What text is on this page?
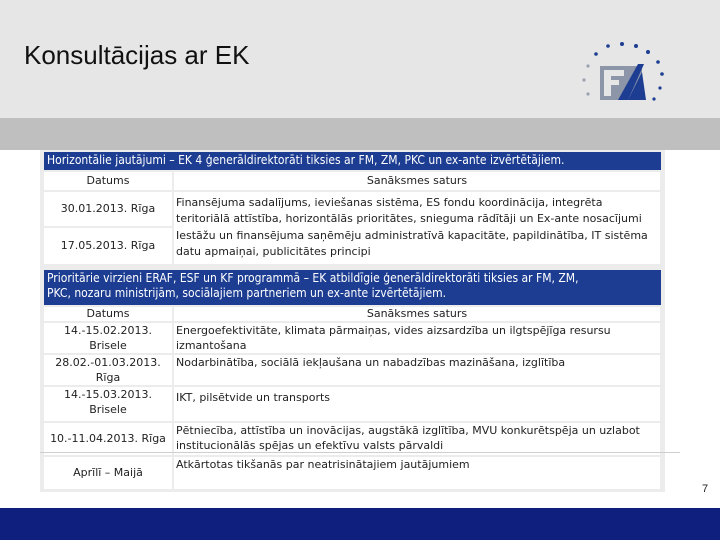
Konsultācijas ar EK
Horizontālie jautājumi – EK 4 ģenerāldirektorāti tiksies ar FM, ZM, PKC un ex-ante izvērtētājiem.
Datums	Sanāksmes saturs
30.01.2013. Rīga
17.05.2013. Rīga
Finansējuma sadalījums, ieviešanas sistēma, ES fondu koordinācija, integrēta
teritoriālā attīstība, horizontālās prioritātes, snieguma rādītāji un Ex-ante nosacījumi
Iestāžu un finansējuma saņēmēju administratīvā kapacitāte, papildinātība, IT sistēma
datu apmaiņai, publicitātes principi
Prioritārie virzieni ERAF, ESF un KF programmā – EK atbildīgie ģenerāldirektorāti tiksies ar FM, ZM,
PKC, nozaru ministrijām, sociālajiem partneriem un ex-ante izvērtētājiem.
Datums	Sanāksmes saturs
14.-15.02.2013.
Brisele
Energoefektivitāte, klimata pārmaiņas, vides aizsardzība un ilgtspējīga resursu
izmantošana
28.02.-01.03.2013.
Rīga
Nodarbinātība, sociālā iekļaušana un nabadzības mazināšana, izglītība
14.-15.03.2013.
Brisele
IKT, pilsētvide un transports
10.-11.04.2013. Rīga
Pētniecība, attīstība un inovācijas, augstākā izglītība, MVU konkurētspēja un uzlabot
institucionālās spējas un efektīvu valsts pārvaldi
Aprīlī – Maijā
Atkārtotas tikšanās par neatrisinātajiem jautājumiem
7
